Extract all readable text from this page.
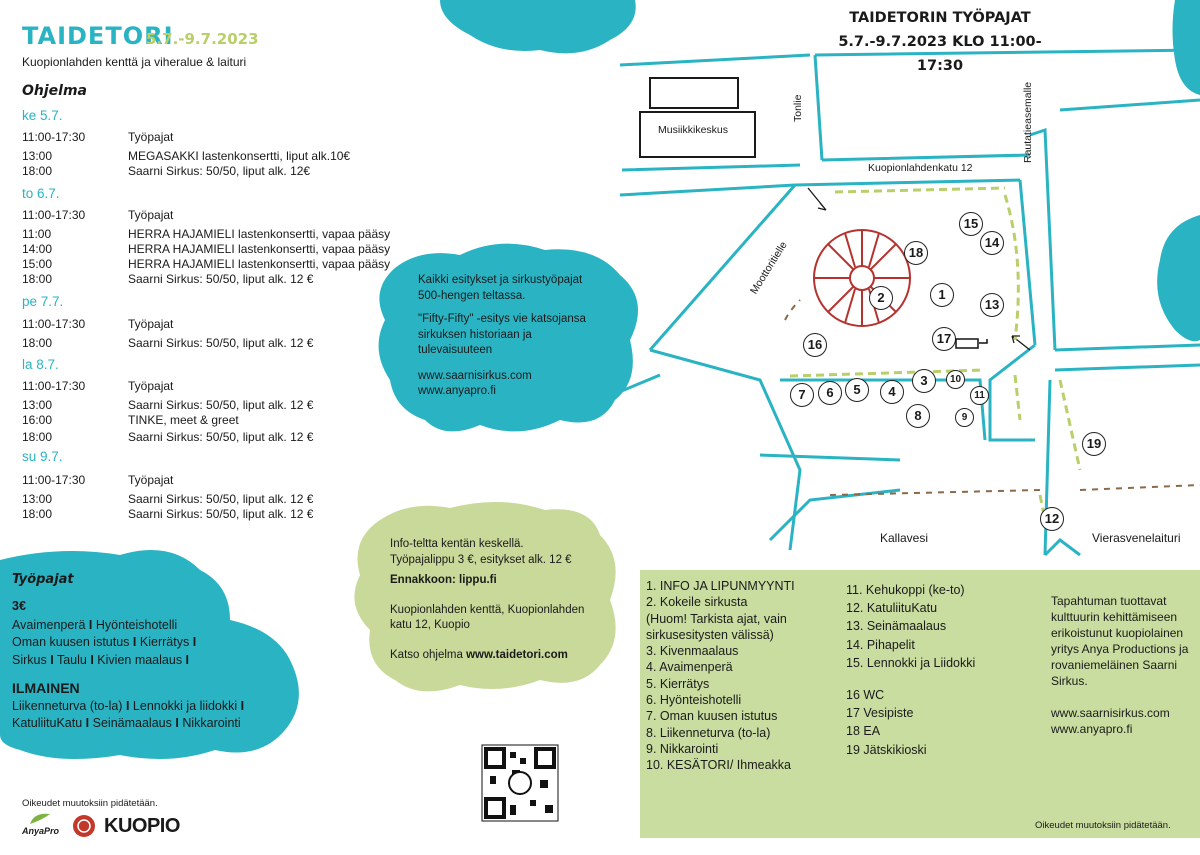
TAIDETORI
5.7.-9.7.2023
Kuopionlahden kenttä ja viheralue & laituri
Ohjelma
ke 5.7.
11:00-17:30	Työpajat
13:00	MEGASAKKI lastenkonsertti, liput alk.10€
18:00	Saarni Sirkus: 50/50, liput alk. 12€
to 6.7.
11:00-17:30	Työpajat
11:00	HERRA HAJAMIELI lastenkonsertti, vapaa pääsy
14:00	HERRA HAJAMIELI lastenkonsertti, vapaa pääsy
15:00	HERRA HAJAMIELI lastenkonsertti, vapaa pääsy
18:00	Saarni Sirkus: 50/50, liput alk. 12 €
pe 7.7.
11:00-17:30	Työpajat
18:00	Saarni Sirkus: 50/50, liput alk. 12 €
la 8.7.
11:00-17:30	Työpajat
13:00	Saarni Sirkus: 50/50, liput alk. 12 €
16:00	TINKE, meet & greet
18:00	Saarni Sirkus: 50/50, liput alk. 12 €
su 9.7.
11:00-17:30	Työpajat
13:00	Saarni Sirkus: 50/50, liput alk. 12 €
18:00	Saarni Sirkus: 50/50, liput alk. 12 €
Kaikki esitykset ja sirkustyöpajat 500-hengen teltassa.
"Fifty-Fifty" -esitys vie katsojansa sirkuksen historiaan ja tulevaisuuteen
www.saarnisirkus.com
www.anyapro.fi
Info-teltta kentän keskellä. Työpajalippu 3 €, esitykset alk. 12 €
Ennakkoon: lippu.fi
Kuopionlahden kenttä, Kuopionlahden katu 12, Kuopio
Katso ohjelma www.taidetori.com
Työpajat
3€
Avaimenperä I Hyönteishotelli
Oman kuusen istutus I Kierrätys I
Sirkus I Taulu I Kivien maalaus I
ILMAINEN
Liikenneturva (to-la) I Lennokki ja liidokki I
KatuliituKatu I Seinämaalaus I Nikkarointi
Oikeudet muutoksiin pidätetään.
AnyaPro KUOPIO
TAIDETORIN TYÖPAJAT
5.7.-9.7.2023 KLO 11:00-17:30
Musiikkikeskus
Tonlie	Rautatieasemalle
Kuopionlahdenkatu 12
Moottoritielle
Kallavesi	Vierasvenelaituri
1
2
3
4
5
6
7
8	9
10
11
12
13
14
15
16	17
18
19
1. INFO JA LIPUNMYYNTI
2. Kokeile sirkusta
(Huom! Tarkista ajat, vain
sirkusesitysten välissä)
3. Kivenmaalaus
4. Avaimenperä
5. Kierrätys
6. Hyönteishotelli
7. Oman kuusen istutus
8. Liikenneturva (to-la)
9. Nikkarointi
10. KESÄTORI/ Ihmeakka
11. Kehukoppi (ke-to)
12. KatuliituKatu
13. Seinämaalaus
14. Pihapelit
15. Lennokki ja Liidokki
16 WC
17 Vesipiste
18 EA
19 Jätskikioski
Oikeudet muutoksiin pidätetään.
Tapahtuman tuottavat kulttuurin kehittämiseen erikoistunut kuopiolainen yritys Anya Productions ja rovaniemeläinen Saarni Sirkus.
www.saarnisirkus.com
www.anyapro.fi
